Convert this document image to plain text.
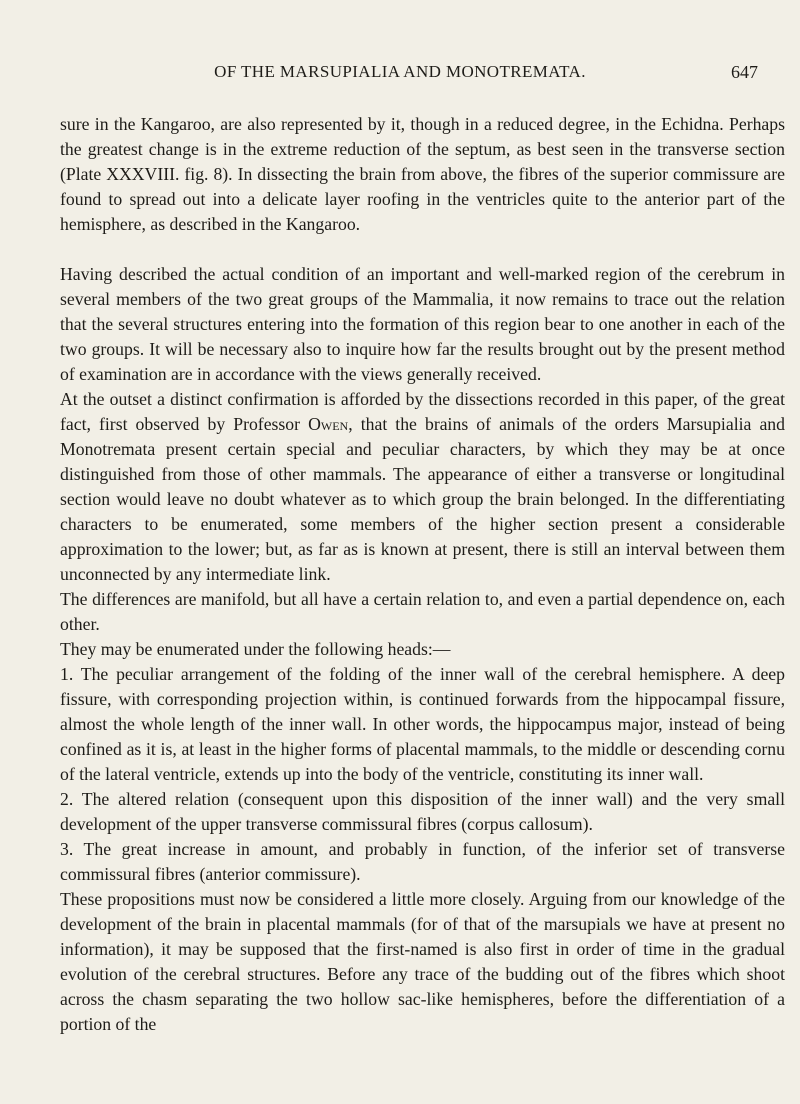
OF THE MARSUPIALIA AND MONOTREMATA.	647

sure in the Kangaroo, are also represented by it, though in a reduced degree, in the Echidna. Perhaps the greatest change is in the extreme reduction of the septum, as best seen in the transverse section (Plate XXXVIII. fig. 8). In dissecting the brain from above, the fibres of the superior commissure are found to spread out into a delicate layer roofing in the ventricles quite to the anterior part of the hemisphere, as described in the Kangaroo.

Having described the actual condition of an important and well-marked region of the cerebrum in several members of the two great groups of the Mammalia, it now remains to trace out the relation that the several structures entering into the formation of this region bear to one another in each of the two groups. It will be necessary also to inquire how far the results brought out by the present method of examination are in accordance with the views generally received.

At the outset a distinct confirmation is afforded by the dissections recorded in this paper, of the great fact, first observed by Professor Owen, that the brains of animals of the orders Marsupialia and Monotremata present certain special and peculiar characters, by which they may be at once distinguished from those of other mammals. The appearance of either a transverse or longitudinal section would leave no doubt whatever as to which group the brain belonged. In the differentiating characters to be enumerated, some members of the higher section present a considerable approximation to the lower; but, as far as is known at present, there is still an interval between them unconnected by any intermediate link.

The differences are manifold, but all have a certain relation to, and even a partial dependence on, each other.

They may be enumerated under the following heads:—

1. The peculiar arrangement of the folding of the inner wall of the cerebral hemisphere. A deep fissure, with corresponding projection within, is continued forwards from the hippocampal fissure, almost the whole length of the inner wall. In other words, the hippocampus major, instead of being confined as it is, at least in the higher forms of placental mammals, to the middle or descending cornu of the lateral ventricle, extends up into the body of the ventricle, constituting its inner wall.

2. The altered relation (consequent upon this disposition of the inner wall) and the very small development of the upper transverse commissural fibres (corpus callosum).

3. The great increase in amount, and probably in function, of the inferior set of transverse commissural fibres (anterior commissure).

These propositions must now be considered a little more closely. Arguing from our knowledge of the development of the brain in placental mammals (for of that of the marsupials we have at present no information), it may be supposed that the first-named is also first in order of time in the gradual evolution of the cerebral structures. Before any trace of the budding out of the fibres which shoot across the chasm separating the two hollow sac-like hemispheres, before the differentiation of a portion of the
